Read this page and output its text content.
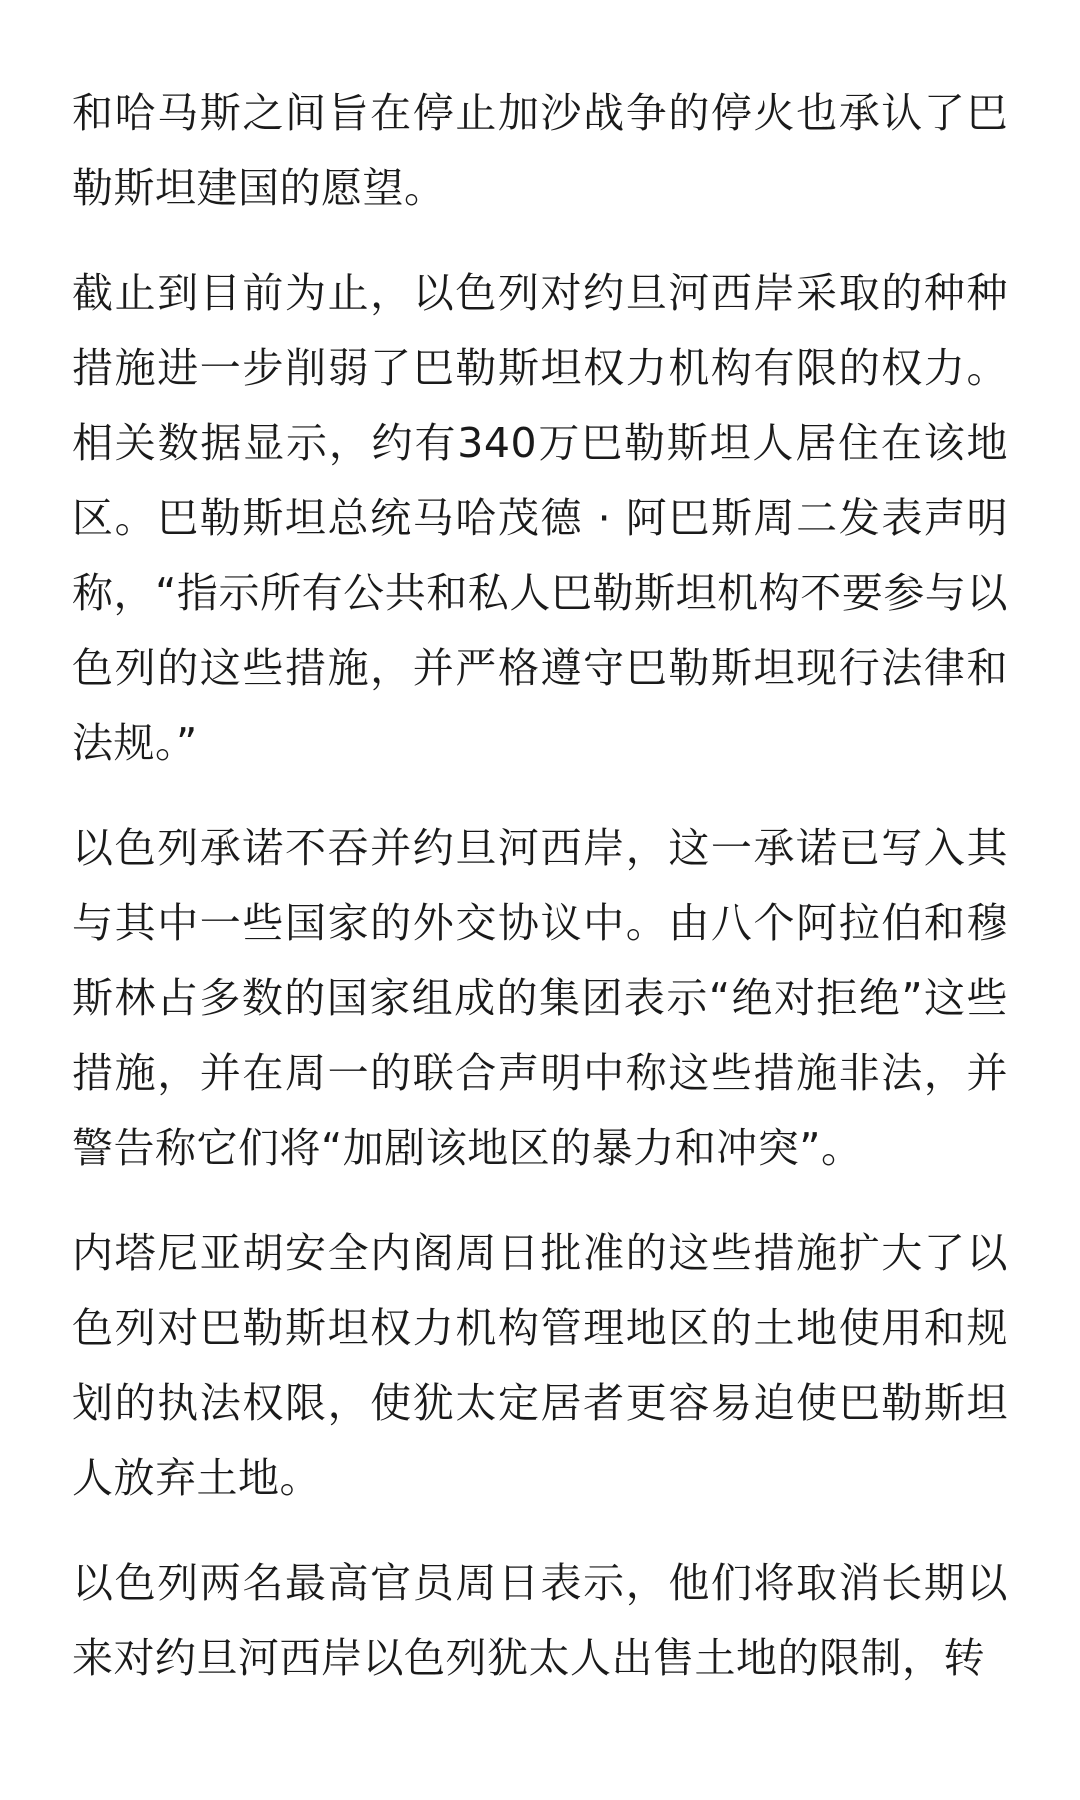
和哈马斯之间旨在停止加沙战争的停火也承认了巴勒斯坦建国的愿望。

截止到目前为止，以色列对约旦河西岸采取的种种措施进一步削弱了巴勒斯坦权力机构有限的权力。相关数据显示，约有340万巴勒斯坦人居住在该地区。巴勒斯坦总统马哈茂德 · 阿巴斯周二发表声明称，“指示所有公共和私人巴勒斯坦机构不要参与以色列的这些措施，并严格遵守巴勒斯坦现行法律和法规。”

以色列承诺不吞并约旦河西岸，这一承诺已写入其与其中一些国家的外交协议中。由八个阿拉伯和穆斯林占多数的国家组成的集团表示“绝对拒绝”这些措施，并在周一的联合声明中称这些措施非法，并警告称它们将“加剧该地区的暴力和冲突”。

内塔尼亚胡安全内阁周日批准的这些措施扩大了以色列对巴勒斯坦权力机构管理地区的土地使用和规划的执法权限，使犹太定居者更容易迫使巴勒斯坦人放弃土地。

以色列两名最高官员周日表示，他们将取消长期以来对约旦河西岸以色列犹太人出售土地的限制，转
